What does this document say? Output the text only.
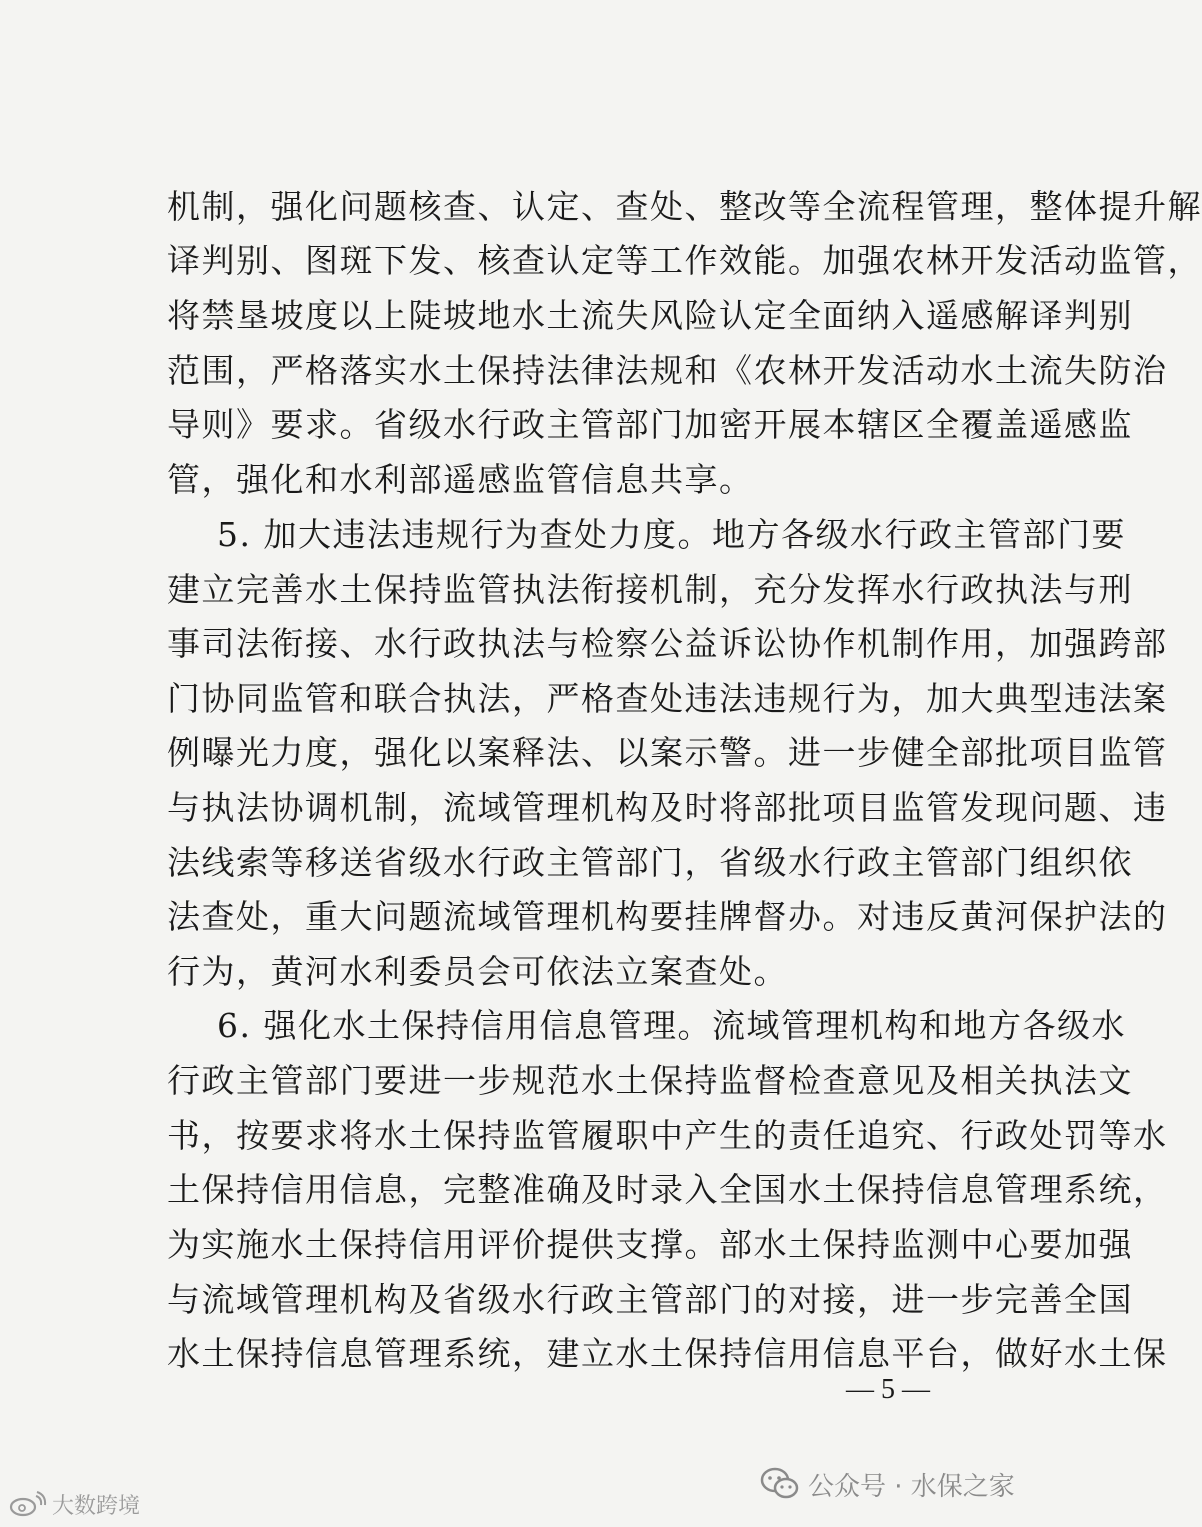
机制，强化问题核查、认定、查处、整改等全流程管理，整体提升解
译判别、图斑下发、核查认定等工作效能。加强农林开发活动监管，
将禁垦坡度以上陡坡地水土流失风险认定全面纳入遥感解译判别
范围，严格落实水土保持法律法规和《农林开发活动水土流失防治
导则》要求。省级水行政主管部门加密开展本辖区全覆盖遥感监
管，强化和水利部遥感监管信息共享。
5. 加大违法违规行为查处力度。地方各级水行政主管部门要
建立完善水土保持监管执法衔接机制，充分发挥水行政执法与刑
事司法衔接、水行政执法与检察公益诉讼协作机制作用，加强跨部
门协同监管和联合执法，严格查处违法违规行为，加大典型违法案
例曝光力度，强化以案释法、以案示警。进一步健全部批项目监管
与执法协调机制，流域管理机构及时将部批项目监管发现问题、违
法线索等移送省级水行政主管部门，省级水行政主管部门组织依
法查处，重大问题流域管理机构要挂牌督办。对违反黄河保护法的
行为，黄河水利委员会可依法立案查处。
6. 强化水土保持信用信息管理。流域管理机构和地方各级水
行政主管部门要进一步规范水土保持监督检查意见及相关执法文
书，按要求将水土保持监管履职中产生的责任追究、行政处罚等水
土保持信用信息，完整准确及时录入全国水土保持信息管理系统，
为实施水土保持信用评价提供支撑。部水土保持监测中心要加强
与流域管理机构及省级水行政主管部门的对接，进一步完善全国
水土保持信息管理系统，建立水土保持信用信息平台，做好水土保
— 5 —
公众号 · 水保之家
大数跨境
